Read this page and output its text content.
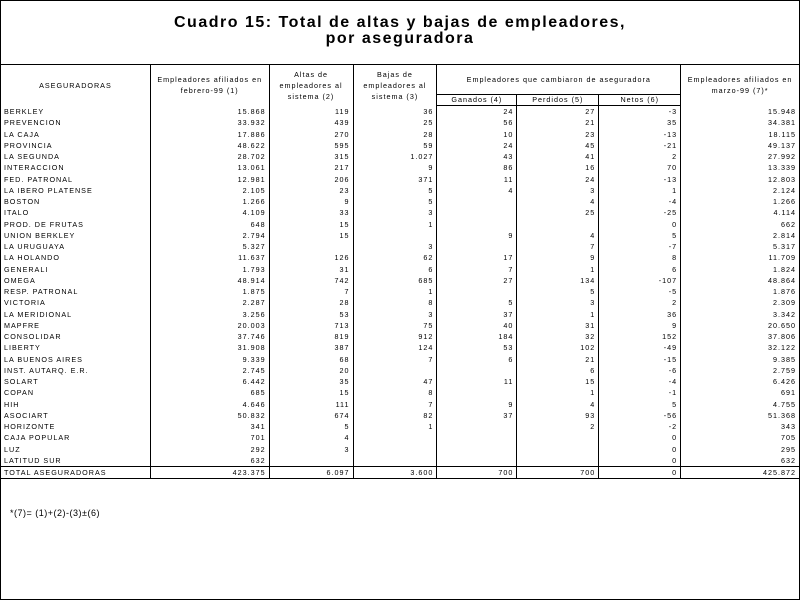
Cuadro 15: Total de altas y bajas de empleadores,
por aseguradora
ASEGURADORAS	Empleadores afiliados en febrero-99 (1)	Altas de empleadores al sistema (2)	Bajas de empleadores al sistema (3)	Empleadores que cambiaron de aseguradora			Empleadores afiliados en marzo-99 (7)*
				Ganados (4)	Perdidos (5)	Netos (6)	
BERKLEY	15.868	119	36	24	27	-3	15.948
PREVENCION	33.932	439	25	56	21	35	34.381
LA CAJA	17.886	270	28	10	23	-13	18.115
PROVINCIA	48.622	595	59	24	45	-21	49.137
LA SEGUNDA	28.702	315	1.027	43	41	2	27.992
INTERACCION	13.061	217	9	86	16	70	13.339
FED. PATRONAL	12.981	206	371	11	24	-13	12.803
LA IBERO PLATENSE	2.105	23	5	4	3	1	2.124
BOSTON	1.266	9	5		4	-4	1.266
ITALO	4.109	33	3		25	-25	4.114
PROD. DE FRUTAS	648	15	1			0	662
UNION BERKLEY	2.794	15		9	4	5	2.814
LA URUGUAYA	5.327		3		7	-7	5.317
LA HOLANDO	11.637	126	62	17	9	8	11.709
GENERALI	1.793	31	6	7	1	6	1.824
OMEGA	48.914	742	685	27	134	-107	48.864
RESP. PATRONAL	1.875	7	1		5	-5	1.876
VICTORIA	2.287	28	8	5	3	2	2.309
LA MERIDIONAL	3.256	53	3	37	1	36	3.342
MAPFRE	20.003	713	75	40	31	9	20.650
CONSOLIDAR	37.746	819	912	184	32	152	37.806
LIBERTY	31.908	387	124	53	102	-49	32.122
LA BUENOS AIRES	9.339	68	7	6	21	-15	9.385
INST. AUTARQ. E.R.	2.745	20			6	-6	2.759
SOLART	6.442	35	47	11	15	-4	6.426
COPAN	685	15	8		1	-1	691
HIH	4.646	111	7	9	4	5	4.755
ASOCIART	50.832	674	82	37	93	-56	51.368
HORIZONTE	341	5	1		2	-2	343
CAJA POPULAR	701	4				0	705
LUZ	292	3				0	295
LATITUD SUR	632					0	632
TOTAL ASEGURADORAS	423.375	6.097	3.600	700	700	0	425.872
*(7)= (1)+(2)-(3)±(6)
